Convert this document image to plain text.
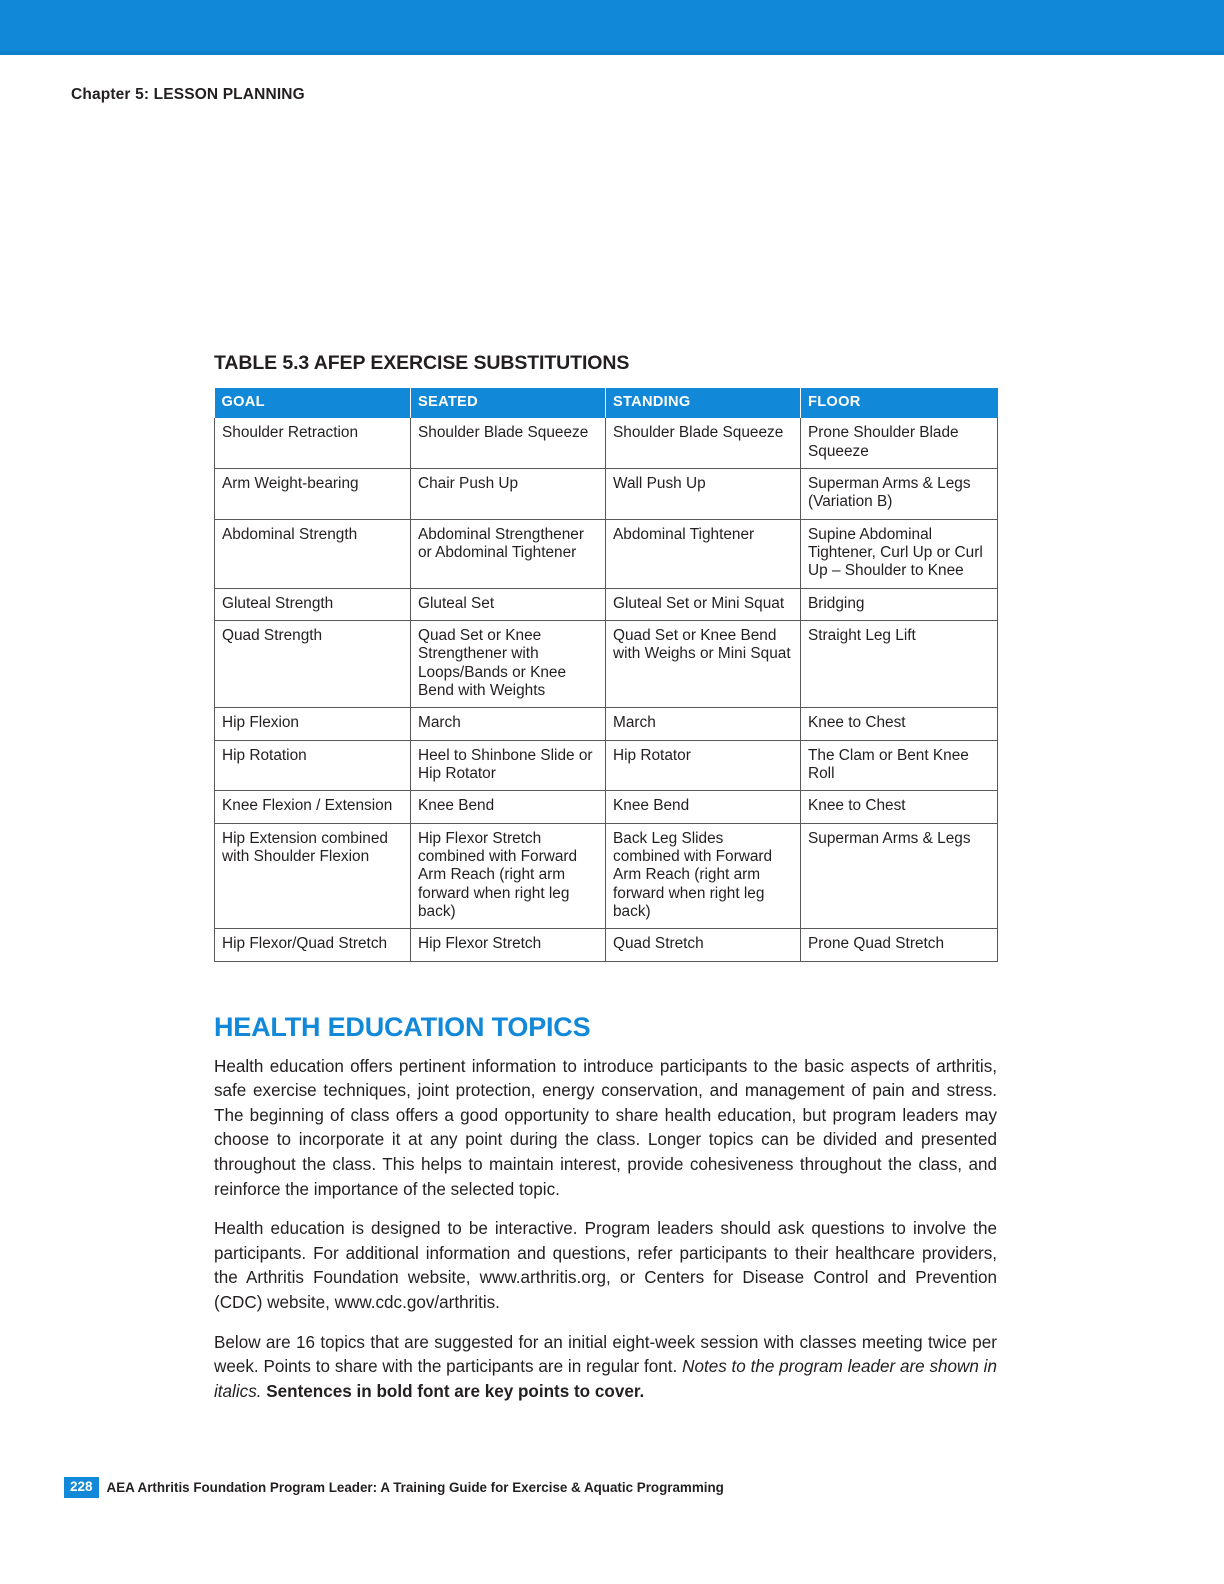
Chapter 5: LESSON PLANNING
TABLE 5.3 AFEP EXERCISE SUBSTITUTIONS
GOAL	SEATED	STANDING	FLOOR
Shoulder Retraction	Shoulder Blade Squeeze	Shoulder Blade Squeeze	Prone Shoulder Blade Squeeze
Arm Weight-bearing	Chair Push Up	Wall Push Up	Superman Arms & Legs (Variation B)
Abdominal Strength	Abdominal Strengthener or Abdominal Tightener	Abdominal Tightener	Supine Abdominal Tightener, Curl Up or Curl Up – Shoulder to Knee
Gluteal Strength	Gluteal Set	Gluteal Set or Mini Squat	Bridging
Quad Strength	Quad Set or Knee Strengthener with Loops/Bands or Knee Bend with Weights	Quad Set or Knee Bend with Weighs or Mini Squat	Straight Leg Lift
Hip Flexion	March	March	Knee to Chest
Hip Rotation	Heel to Shinbone Slide or Hip Rotator	Hip Rotator	The Clam or Bent Knee Roll
Knee Flexion / Extension	Knee Bend	Knee Bend	Knee to Chest
Hip Extension combined with Shoulder Flexion	Hip Flexor Stretch combined with Forward Arm Reach (right arm forward when right leg back)	Back Leg Slides combined with Forward Arm Reach (right arm forward when right leg back)	Superman Arms & Legs
Hip Flexor/Quad Stretch	Hip Flexor Stretch	Quad Stretch	Prone Quad Stretch
HEALTH EDUCATION TOPICS

Health education offers pertinent information to introduce participants to the basic aspects of arthritis, safe exercise techniques, joint protection, energy conservation, and management of pain and stress. The beginning of class offers a good opportunity to share health education, but program leaders may choose to incorporate it at any point during the class. Longer topics can be divided and presented throughout the class. This helps to maintain interest, provide cohesiveness throughout the class, and reinforce the importance of the selected topic.

Health education is designed to be interactive. Program leaders should ask questions to involve the participants. For additional information and questions, refer participants to their healthcare providers, the Arthritis Foundation website, www.arthritis.org, or Centers for Disease Control and Prevention (CDC) website, www.cdc.gov/arthritis.

Below are 16 topics that are suggested for an initial eight-week session with classes meeting twice per week. Points to share with the participants are in regular font. Notes to the program leader are shown in italics. Sentences in bold font are key points to cover.

228	AEA Arthritis Foundation Program Leader: A Training Guide for Exercise & Aquatic Programming
